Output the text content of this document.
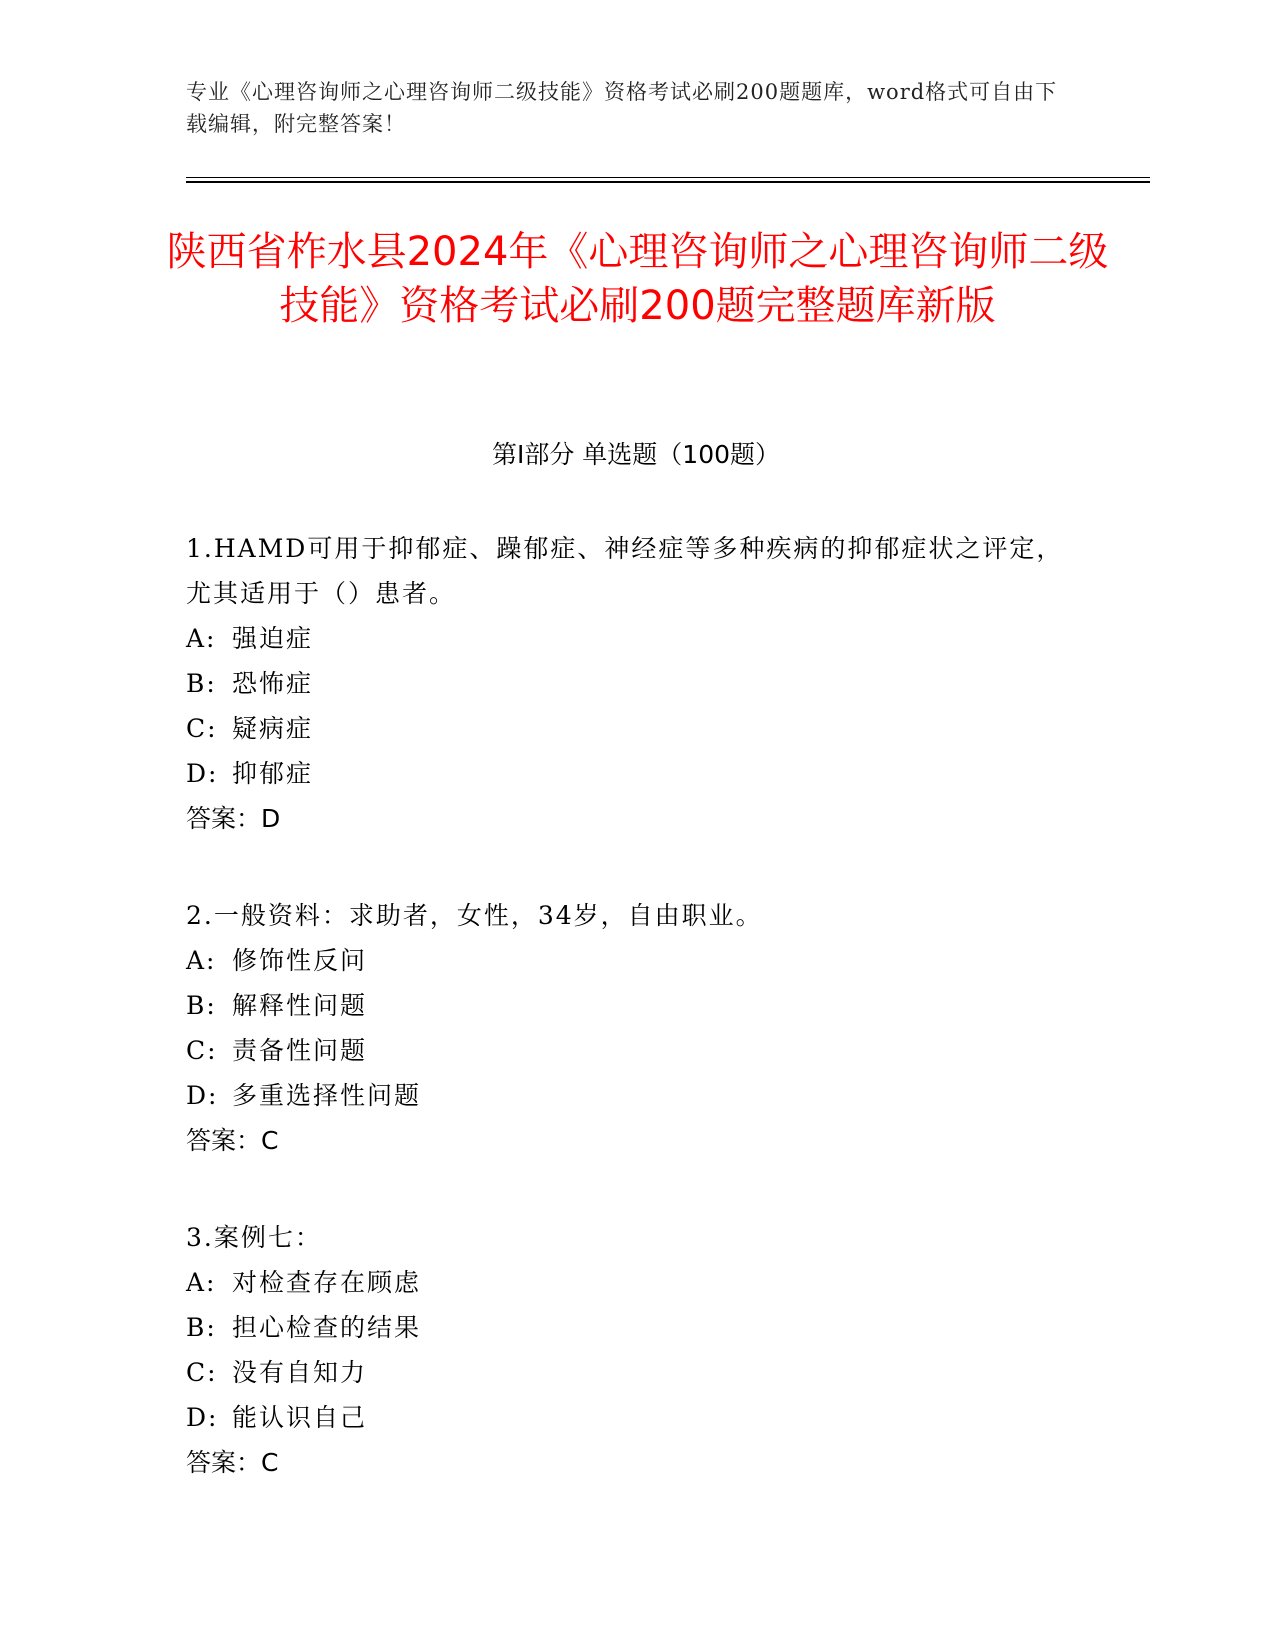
专业《心理咨询师之心理咨询师二级技能》资格考试必刷200题题库，word格式可自由下载编辑，附完整答案！
陕西省柞水县2024年《心理咨询师之心理咨询师二级技能》资格考试必刷200题完整题库新版
第Ⅰ部分 单选题（100题）

1.HAMD可用于抑郁症、躁郁症、神经症等多种疾病的抑郁症状之评定，尤其适用于（）患者。

A: 强迫症

B: 恐怖症

C: 疑病症

D: 抑郁症

答案：D

2.一般资料：求助者，女性，34岁，自由职业。

A: 修饰性反问

B: 解释性问题

C: 责备性问题

D: 多重选择性问题

答案：C

3.案例七：

A: 对检查存在顾虑

B: 担心检查的结果

C: 没有自知力

D: 能认识自己

答案：C
